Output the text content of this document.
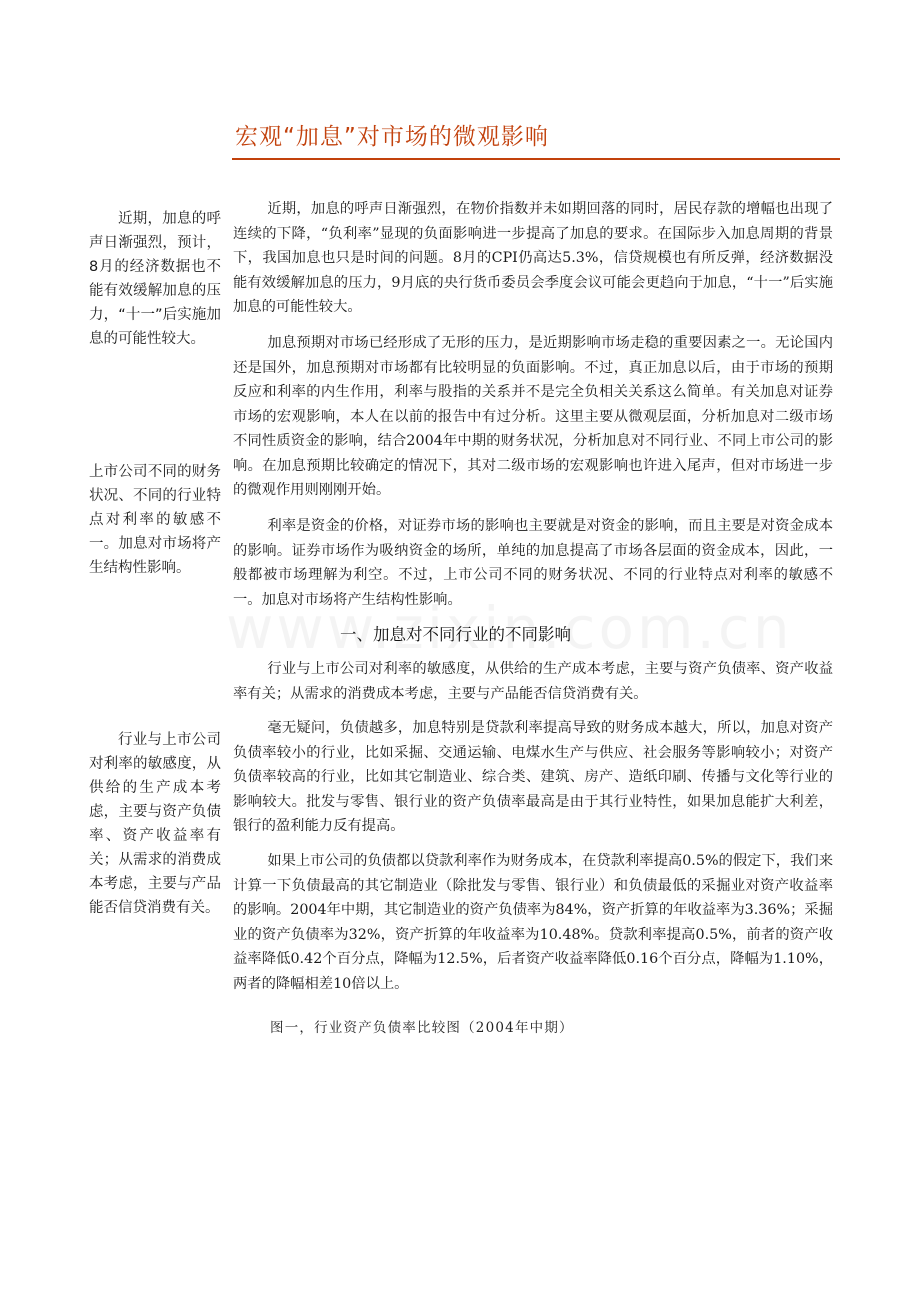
宏观“加息”对市场的微观影响
近期，加息的呼声日渐强烈，预计，8月的经济数据也不能有效缓解加息的压力，“十一”后实施加息的可能性较大。
上市公司不同的财务状况、不同的行业特点对利率的敏感不一。加息对市场将产生结构性影响。
行业与上市公司对利率的敏感度，从供给的生产成本考虑，主要与资产负债率、资产收益率有关；从需求的消费成本考虑，主要与产品能否信贷消费有关。

近期，加息的呼声日渐强烈，在物价指数并未如期回落的同时，居民存款的增幅也出现了连续的下降，“负利率”显现的负面影响进一步提高了加息的要求。在国际步入加息周期的背景下，我国加息也只是时间的问题。8月的CPI仍高达5.3%，信贷规模也有所反弹，经济数据没能有效缓解加息的压力，9月底的央行货币委员会季度会议可能会更趋向于加息，“十一”后实施加息的可能性较大。

加息预期对市场已经形成了无形的压力，是近期影响市场走稳的重要因素之一。无论国内还是国外，加息预期对市场都有比较明显的负面影响。不过，真正加息以后，由于市场的预期反应和利率的内生作用，利率与股指的关系并不是完全负相关关系这么简单。有关加息对证券市场的宏观影响，本人在以前的报告中有过分析。这里主要从微观层面，分析加息对二级市场不同性质资金的影响，结合2004年中期的财务状况，分析加息对不同行业、不同上市公司的影响。在加息预期比较确定的情况下，其对二级市场的宏观影响也许进入尾声，但对市场进一步的微观作用则刚刚开始。

利率是资金的价格，对证券市场的影响也主要就是对资金的影响，而且主要是对资金成本的影响。证券市场作为吸纳资金的场所，单纯的加息提高了市场各层面的资金成本，因此，一般都被市场理解为利空。不过，上市公司不同的财务状况、不同的行业特点对利率的敏感不一。加息对市场将产生结构性影响。

一、加息对不同行业的不同影响

行业与上市公司对利率的敏感度，从供给的生产成本考虑，主要与资产负债率、资产收益率有关；从需求的消费成本考虑，主要与产品能否信贷消费有关。

毫无疑问，负债越多，加息特别是贷款利率提高导致的财务成本越大，所以，加息对资产负债率较小的行业，比如采掘、交通运输、电煤水生产与供应、社会服务等影响较小；对资产负债率较高的行业，比如其它制造业、综合类、建筑、房产、造纸印刷、传播与文化等行业的影响较大。批发与零售、银行业的资产负债率最高是由于其行业特性，如果加息能扩大利差，银行的盈利能力反有提高。

如果上市公司的负债都以贷款利率作为财务成本，在贷款利率提高0.5%的假定下，我们来计算一下负债最高的其它制造业（除批发与零售、银行业）和负债最低的采掘业对资产收益率的影响。2004年中期，其它制造业的资产负债率为84%，资产折算的年收益率为3.36%；采掘业的资产负债率为32%，资产折算的年收益率为10.48%。贷款利率提高0.5%，前者的资产收益率降低0.42个百分点，降幅为12.5%，后者资产收益率降低0.16个百分点，降幅为1.10%，两者的降幅相差10倍以上。

图一，行业资产负债率比较图（2004年中期）
